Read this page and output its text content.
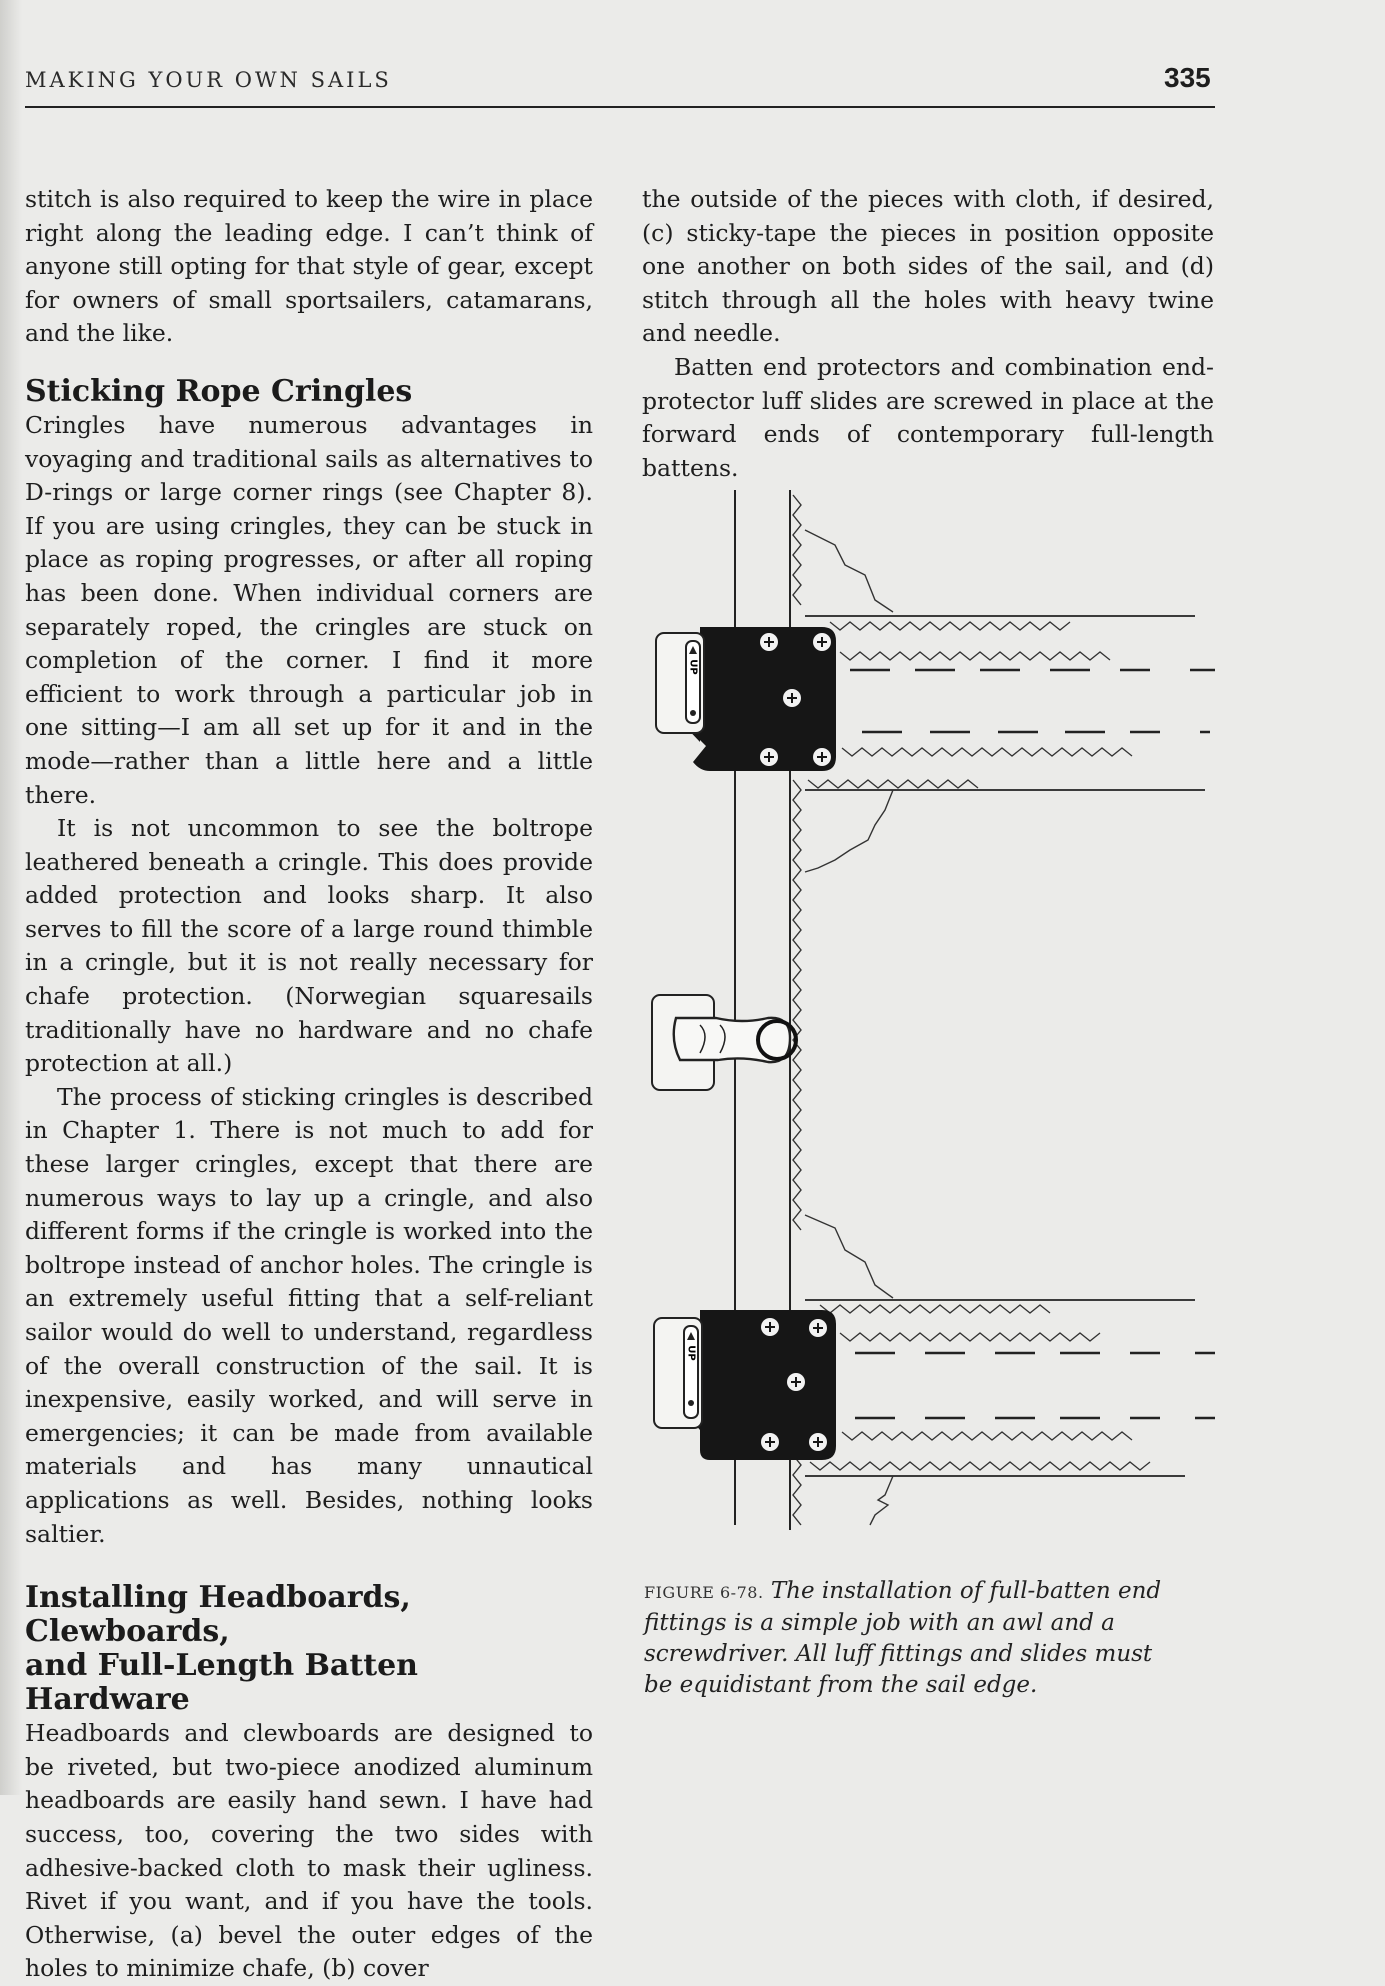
MAKING YOUR OWN SAILS	335

stitch is also required to keep the wire in place right along the leading edge. I can’t think of anyone still opting for that style of gear, except for owners of small sportsailers, catamarans, and the like.

Sticking Rope Cringles

Cringles have numerous advantages in voyaging and traditional sails as alternatives to D-rings or large corner rings (see Chapter 8). If you are using cringles, they can be stuck in place as roping progresses, or after all roping has been done. When individual corners are separately roped, the cringles are stuck on completion of the corner. I find it more efficient to work through a particular job in one sitting—I am all set up for it and in the mode—rather than a little here and a little there.

It is not uncommon to see the boltrope leathered beneath a cringle. This does provide added protection and looks sharp. It also serves to fill the score of a large round thimble in a cringle, but it is not really necessary for chafe protection. (Norwegian squaresails traditionally have no hardware and no chafe protection at all.)

The process of sticking cringles is described in Chapter 1. There is not much to add for these larger cringles, except that there are numerous ways to lay up a cringle, and also different forms if the cringle is worked into the boltrope instead of anchor holes. The cringle is an extremely useful fitting that a self-reliant sailor would do well to understand, regardless of the overall construction of the sail. It is inexpensive, easily worked, and will serve in emergencies; it can be made from available materials and has many unnautical applications as well. Besides, nothing looks saltier.

Installing Headboards, Clewboards,
and Full-Length Batten Hardware

Headboards and clewboards are designed to be riveted, but two-piece anodized aluminum headboards are easily hand sewn. I have had success, too, covering the two sides with adhesive-backed cloth to mask their ugliness. Rivet if you want, and if you have the tools. Otherwise, (a) bevel the outer edges of the holes to minimize chafe, (b) cover

the outside of the pieces with cloth, if desired, (c) sticky-tape the pieces in position opposite one another on both sides of the sail, and (d) stitch through all the holes with heavy twine and needle.

Batten end protectors and combination end-protector luff slides are screwed in place at the forward ends of contemporary full-length battens.

UP
UP
FIGURE 6-78. The installation of full-batten end fittings is a simple job with an awl and a screwdriver. All luff fittings and slides must be equidistant from the sail edge.
